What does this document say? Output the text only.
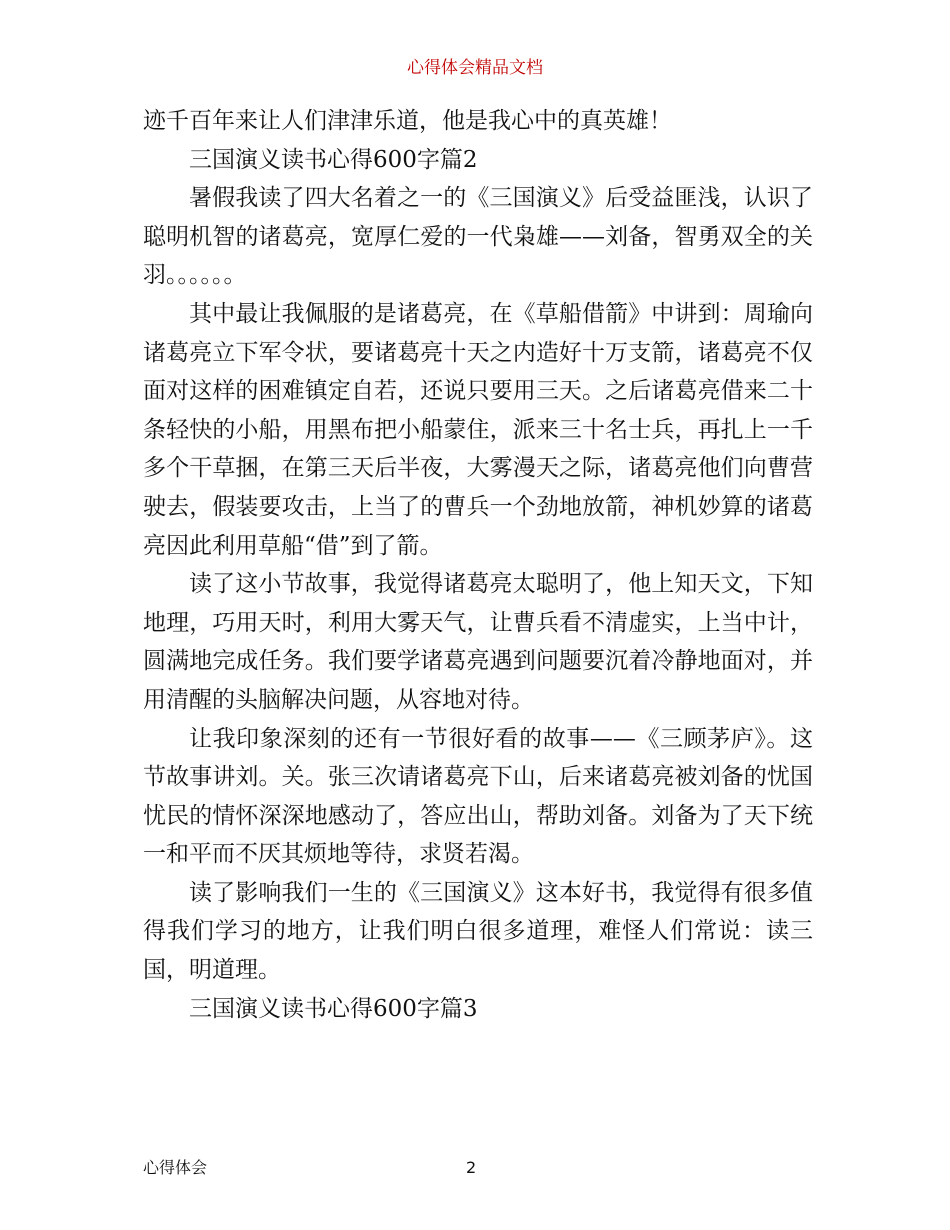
心得体会精品文档

迹千百年来让人们津津乐道，他是我心中的真英雄！

三国演义读书心得600字篇2

暑假我读了四大名着之一的《三国演义》后受益匪浅，认识了聪明机智的诸葛亮，宽厚仁爱的一代枭雄——刘备，智勇双全的关羽。。。。。。

其中最让我佩服的是诸葛亮，在《草船借箭》中讲到：周瑜向诸葛亮立下军令状，要诸葛亮十天之内造好十万支箭，诸葛亮不仅面对这样的困难镇定自若，还说只要用三天。之后诸葛亮借来二十条轻快的小船，用黑布把小船蒙住，派来三十名士兵，再扎上一千多个干草捆，在第三天后半夜，大雾漫天之际，诸葛亮他们向曹营驶去，假装要攻击，上当了的曹兵一个劲地放箭，神机妙算的诸葛亮因此利用草船“借”到了箭。

读了这小节故事，我觉得诸葛亮太聪明了，他上知天文，下知地理，巧用天时，利用大雾天气，让曹兵看不清虚实，上当中计，圆满地完成任务。我们要学诸葛亮遇到问题要沉着冷静地面对，并用清醒的头脑解决问题，从容地对待。

让我印象深刻的还有一节很好看的故事——《三顾茅庐》。这节故事讲刘。关。张三次请诸葛亮下山，后来诸葛亮被刘备的忧国忧民的情怀深深地感动了，答应出山，帮助刘备。刘备为了天下统一和平而不厌其烦地等待，求贤若渴。

读了影响我们一生的《三国演义》这本好书，我觉得有很多值得我们学习的地方，让我们明白很多道理，难怪人们常说：读三国，明道理。

三国演义读书心得600字篇3

心得体会	2
